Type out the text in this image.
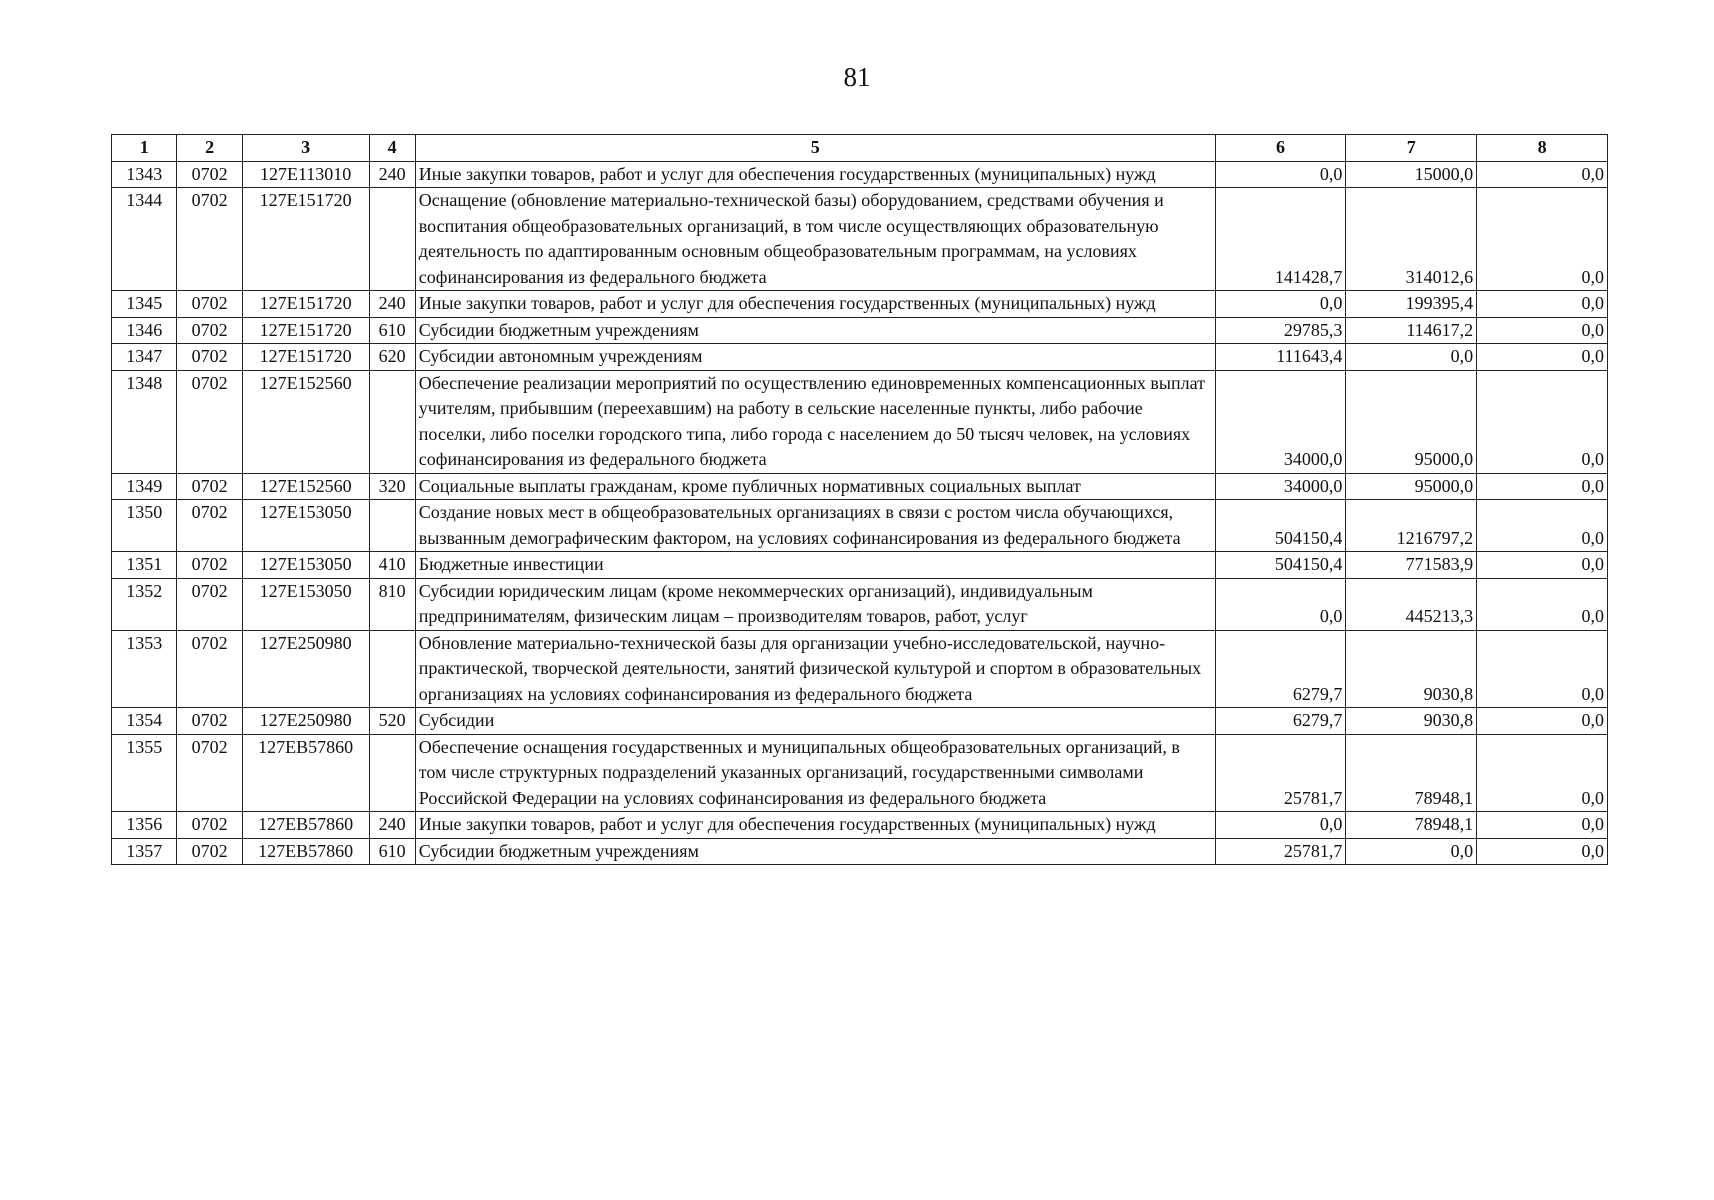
81
1	2	3	4	5	6	7	8
1343	0702	127E113010	240	Иные закупки товаров, работ и услуг для обеспечения государственных (муниципальных) нужд	0,0	15000,0	0,0
1344	0702	127E151720		Оснащение (обновление материально-технической базы) оборудованием, средствами обучения и воспитания общеобразовательных организаций, в том числе осуществляющих образовательную деятельность по адаптированным основным общеобразовательным программам, на условиях софинансирования из федерального бюджета	141428,7	314012,6	0,0
1345	0702	127E151720	240	Иные закупки товаров, работ и услуг для обеспечения государственных (муниципальных) нужд	0,0	199395,4	0,0
1346	0702	127E151720	610	Субсидии бюджетным учреждениям	29785,3	114617,2	0,0
1347	0702	127E151720	620	Субсидии автономным учреждениям	111643,4	0,0	0,0
1348	0702	127E152560		Обеспечение реализации мероприятий по осуществлению единовременных компенсационных выплат учителям, прибывшим (переехавшим) на работу в сельские населенные пункты, либо рабочие поселки, либо поселки городского типа, либо города с населением до 50 тысяч человек, на условиях софинансирования из федерального бюджета	34000,0	95000,0	0,0
1349	0702	127E152560	320	Социальные выплаты гражданам, кроме публичных нормативных социальных выплат	34000,0	95000,0	0,0
1350	0702	127E153050		Создание новых мест в общеобразовательных организациях в связи с ростом числа обучающихся, вызванным демографическим фактором, на условиях софинансирования из федерального бюджета	504150,4	1216797,2	0,0
1351	0702	127E153050	410	Бюджетные инвестиции	504150,4	771583,9	0,0
1352	0702	127E153050	810	Субсидии юридическим лицам (кроме некоммерческих организаций), индивидуальным предпринимателям, физическим лицам – производителям товаров, работ, услуг	0,0	445213,3	0,0
1353	0702	127E250980		Обновление материально-технической базы для организации учебно-исследовательской, научно-практической, творческой деятельности, занятий физической культурой и спортом в образовательных организациях на условиях софинансирования из федерального бюджета	6279,7	9030,8	0,0
1354	0702	127E250980	520	Субсидии	6279,7	9030,8	0,0
1355	0702	127EB57860		Обеспечение оснащения государственных и муниципальных общеобразовательных организаций, в том числе структурных подразделений указанных организаций, государственными символами Российской Федерации на условиях софинансирования из федерального бюджета	25781,7	78948,1	0,0
1356	0702	127EB57860	240	Иные закупки товаров, работ и услуг для обеспечения государственных (муниципальных) нужд	0,0	78948,1	0,0
1357	0702	127EB57860	610	Субсидии бюджетным учреждениям	25781,7	0,0	0,0
